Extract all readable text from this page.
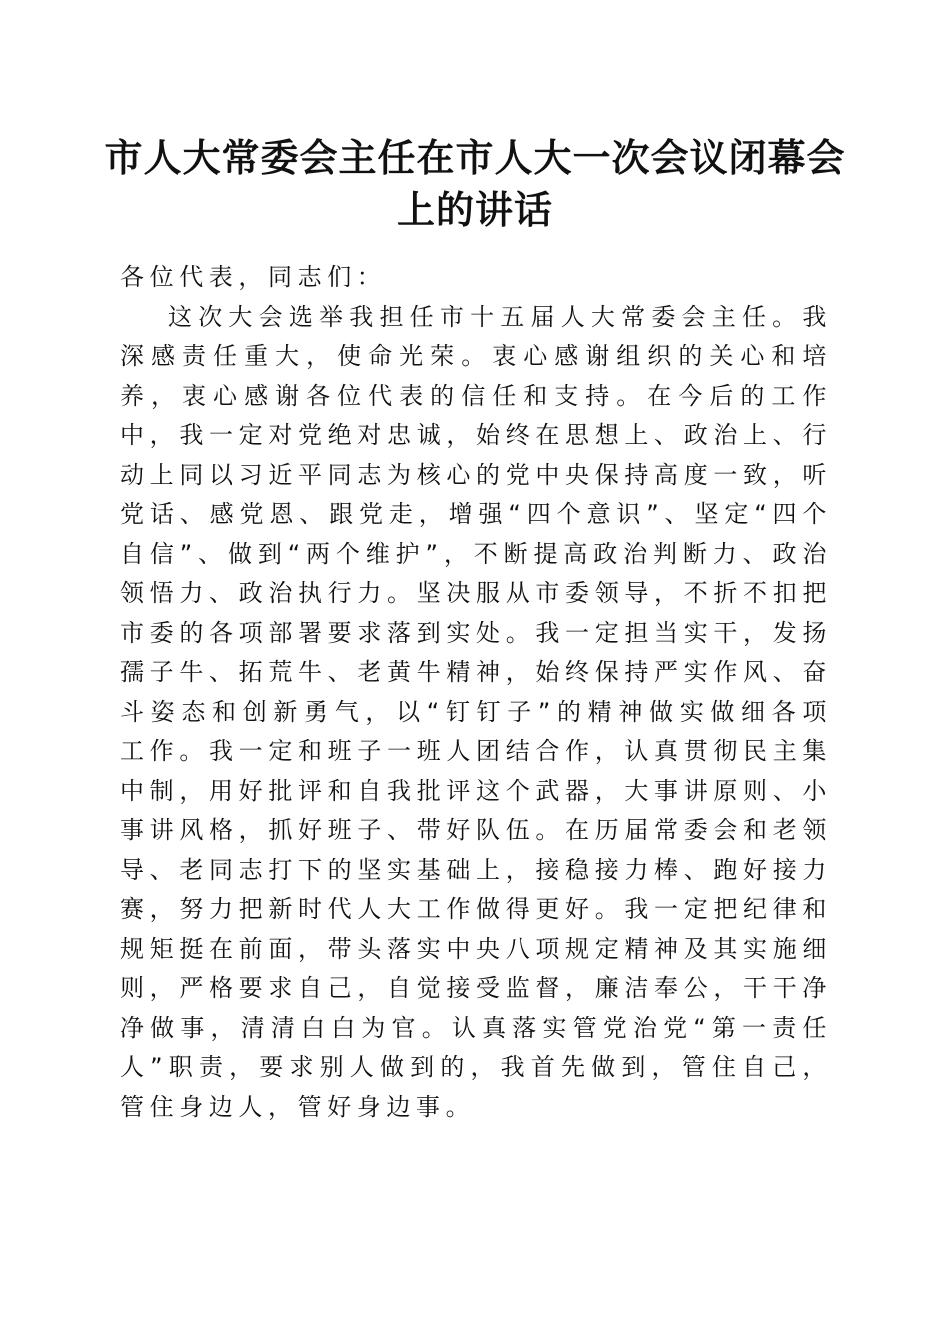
市人大常委会主任在市人大一次会议闭幕会上的讲话

各位代表，同志们：

这次大会选举我担任市十五届人大常委会主任。我深感责任重大，使命光荣。衷心感谢组织的关心和培养，衷心感谢各位代表的信任和支持。在今后的工作中，我一定对党绝对忠诚，始终在思想上、政治上、行动上同以习近平同志为核心的党中央保持高度一致，听党话、感党恩、跟党走，增强“四个意识”、坚定“四个自信”、做到“两个维护”，不断提高政治判断力、政治领悟力、政治执行力。坚决服从市委领导，不折不扣把市委的各项部署要求落到实处。我一定担当实干，发扬孺子牛、拓荒牛、老黄牛精神，始终保持严实作风、奋斗姿态和创新勇气，以“钉钉子”的精神做实做细各项工作。我一定和班子一班人团结合作，认真贯彻民主集中制，用好批评和自我批评这个武器，大事讲原则、小事讲风格，抓好班子、带好队伍。在历届常委会和老领导、老同志打下的坚实基础上，接稳接力棒、跑好接力赛，努力把新时代人大工作做得更好。我一定把纪律和规矩挺在前面，带头落实中央八项规定精神及其实施细则，严格要求自己，自觉接受监督，廉洁奉公，干干净净做事，清清白白为官。认真落实管党治党“第一责任人”职责，要求别人做到的，我首先做到，管住自己，管住身边人，管好身边事。
